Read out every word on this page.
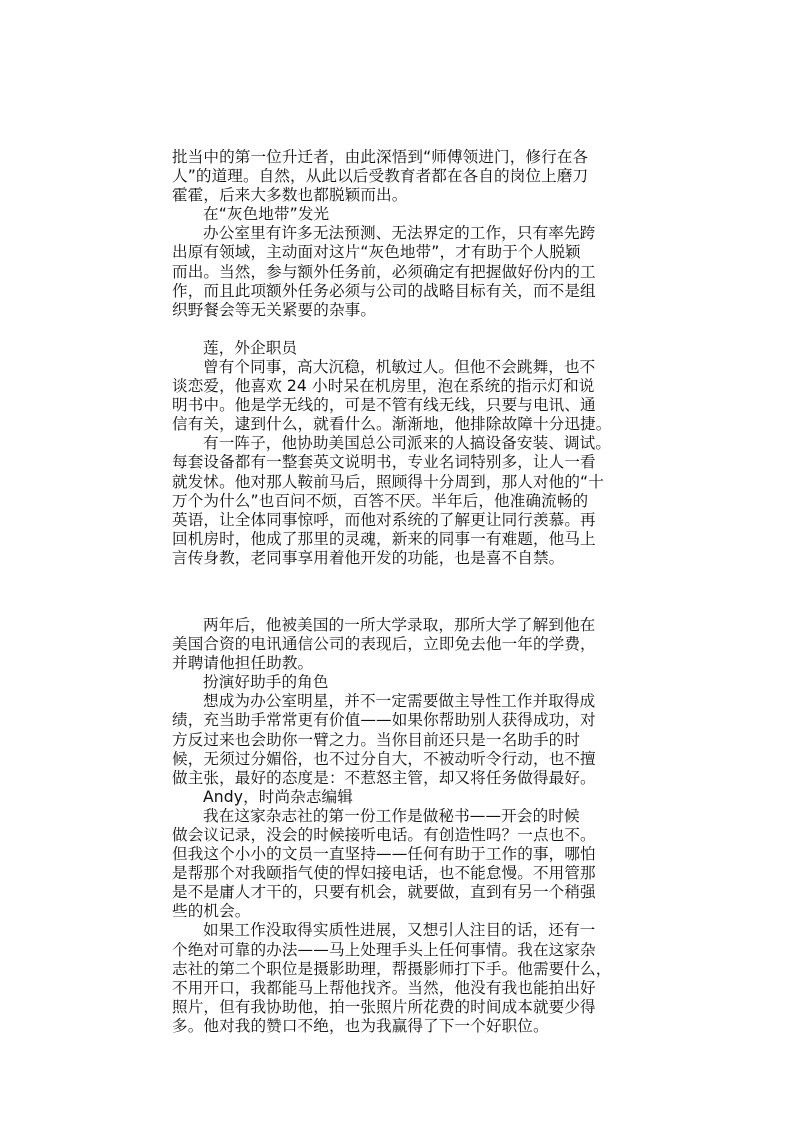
批当中的第一位升迁者，由此深悟到“师傅领进门，修行在各
人”的道理。自然，从此以后受教育者都在各自的岗位上磨刀
霍霍，后来大多数也都脱颖而出。
在“灰色地带”发光
办公室里有许多无法预测、无法界定的工作，只有率先跨
出原有领域，主动面对这片“灰色地带”，才有助于个人脱颖
而出。当然，参与额外任务前，必须确定有把握做好份内的工
作，而且此项额外任务必须与公司的战略目标有关，而不是组
织野餐会等无关紧要的杂事。
莲，外企职员
曾有个同事，高大沉稳，机敏过人。但他不会跳舞，也不
谈恋爱，他喜欢 24 小时呆在机房里，泡在系统的指示灯和说
明书中。他是学无线的，可是不管有线无线，只要与电讯、通
信有关，逮到什么，就看什么。渐渐地，他排除故障十分迅捷。
有一阵子，他协助美国总公司派来的人搞设备安装、调试。
每套设备都有一整套英文说明书，专业名词特别多，让人一看
就发怵。他对那人鞍前马后，照顾得十分周到，那人对他的“十
万个为什么”也百问不烦，百答不厌。半年后，他准确流畅的
英语，让全体同事惊呼，而他对系统的了解更让同行羡慕。再
回机房时，他成了那里的灵魂，新来的同事一有难题，他马上
言传身教，老同事享用着他开发的功能，也是喜不自禁。
两年后，他被美国的一所大学录取，那所大学了解到他在
美国合资的电讯通信公司的表现后，立即免去他一年的学费，
并聘请他担任助教。
扮演好助手的角色
想成为办公室明星，并不一定需要做主导性工作并取得成
绩，充当助手常常更有价值——如果你帮助别人获得成功，对
方反过来也会助你一臂之力。当你目前还只是一名助手的时
候，无须过分媚俗，也不过分自大，不被动听令行动，也不擅
做主张，最好的态度是：不惹怒主管，却又将任务做得最好。
Andy，时尚杂志编辑
我在这家杂志社的第一份工作是做秘书——开会的时候
做会议记录，没会的时候接听电话。有创造性吗？一点也不。
但我这个小小的文员一直坚持——任何有助于工作的事，哪怕
是帮那个对我颐指气使的悍妇接电话，也不能怠慢。不用管那
是不是庸人才干的，只要有机会，就要做，直到有另一个稍强
些的机会。
如果工作没取得实质性进展，又想引人注目的话，还有一
个绝对可靠的办法——马上处理手头上任何事情。我在这家杂
志社的第二个职位是摄影助理，帮摄影师打下手。他需要什么，
不用开口，我都能马上帮他找齐。当然，他没有我也能拍出好
照片，但有我协助他，拍一张照片所花费的时间成本就要少得
多。他对我的赞口不绝，也为我赢得了下一个好职位。
